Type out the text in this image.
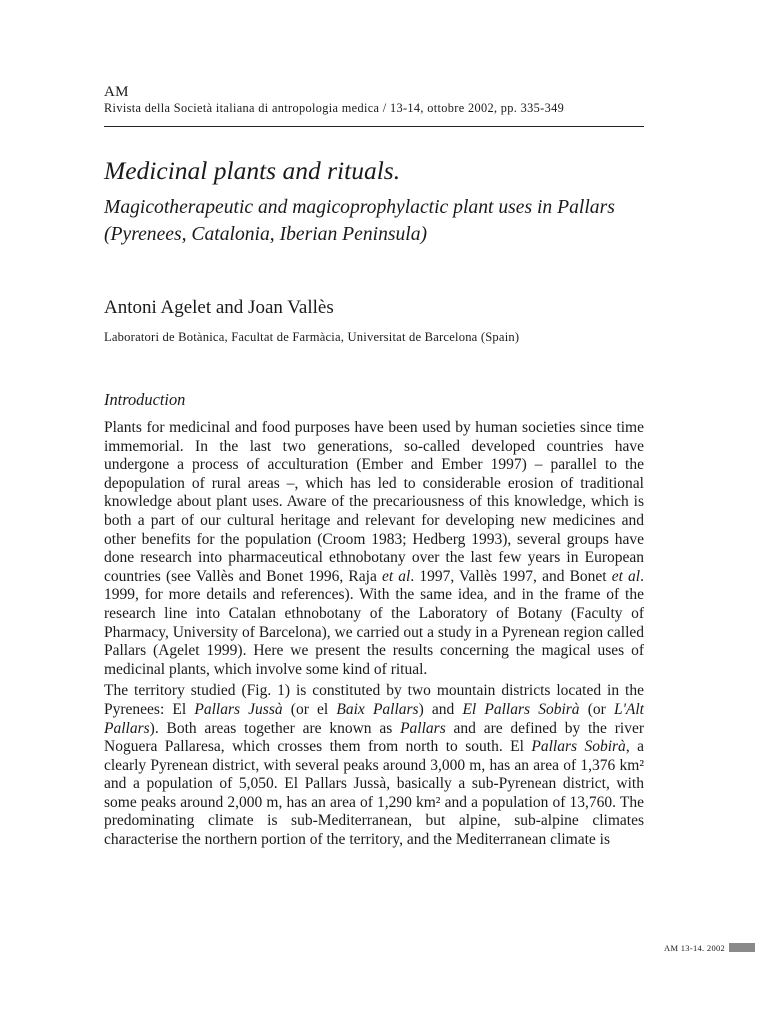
AM
Rivista della Società italiana di antropologia medica / 13-14, ottobre 2002, pp. 335-349
Medicinal plants and rituals.
Magicotherapeutic and magicoprophylactic plant uses in Pallars (Pyrenees, Catalonia, Iberian Peninsula)
Antoni Agelet and Joan Vallès
Laboratori de Botànica, Facultat de Farmàcia, Universitat de Barcelona (Spain)
Introduction

Plants for medicinal and food purposes have been used by human societies since time immemorial. In the last two generations, so-called developed countries have undergone a process of acculturation (Ember and Ember 1997) – parallel to the depopulation of rural areas –, which has led to considerable erosion of traditional knowledge about plant uses. Aware of the precariousness of this knowledge, which is both a part of our cultural heritage and relevant for developing new medicines and other benefits for the population (Croom 1983; Hedberg 1993), several groups have done research into pharmaceutical ethnobotany over the last few years in European countries (see Vallès and Bonet 1996, Raja et al. 1997, Vallès 1997, and Bonet et al. 1999, for more details and references). With the same idea, and in the frame of the research line into Catalan ethnobotany of the Laboratory of Botany (Faculty of Pharmacy, University of Barcelona), we carried out a study in a Pyrenean region called Pallars (Agelet 1999). Here we present the results concerning the magical uses of medicinal plants, which involve some kind of ritual.

The territory studied (Fig. 1) is constituted by two mountain districts located in the Pyrenees: El Pallars Jussà (or el Baix Pallars) and El Pallars Sobirà (or L'Alt Pallars). Both areas together are known as Pallars and are defined by the river Noguera Pallaresa, which crosses them from north to south. El Pallars Sobirà, a clearly Pyrenean district, with several peaks around 3,000 m, has an area of 1,376 km² and a population of 5,050. El Pallars Jussà, basically a sub-Pyrenean district, with some peaks around 2,000 m, has an area of 1,290 km² and a population of 13,760. The predominating climate is sub-Mediterranean, but alpine, sub-alpine climates characterise the northern portion of the territory, and the Mediterranean climate is

AM 13-14. 2002
